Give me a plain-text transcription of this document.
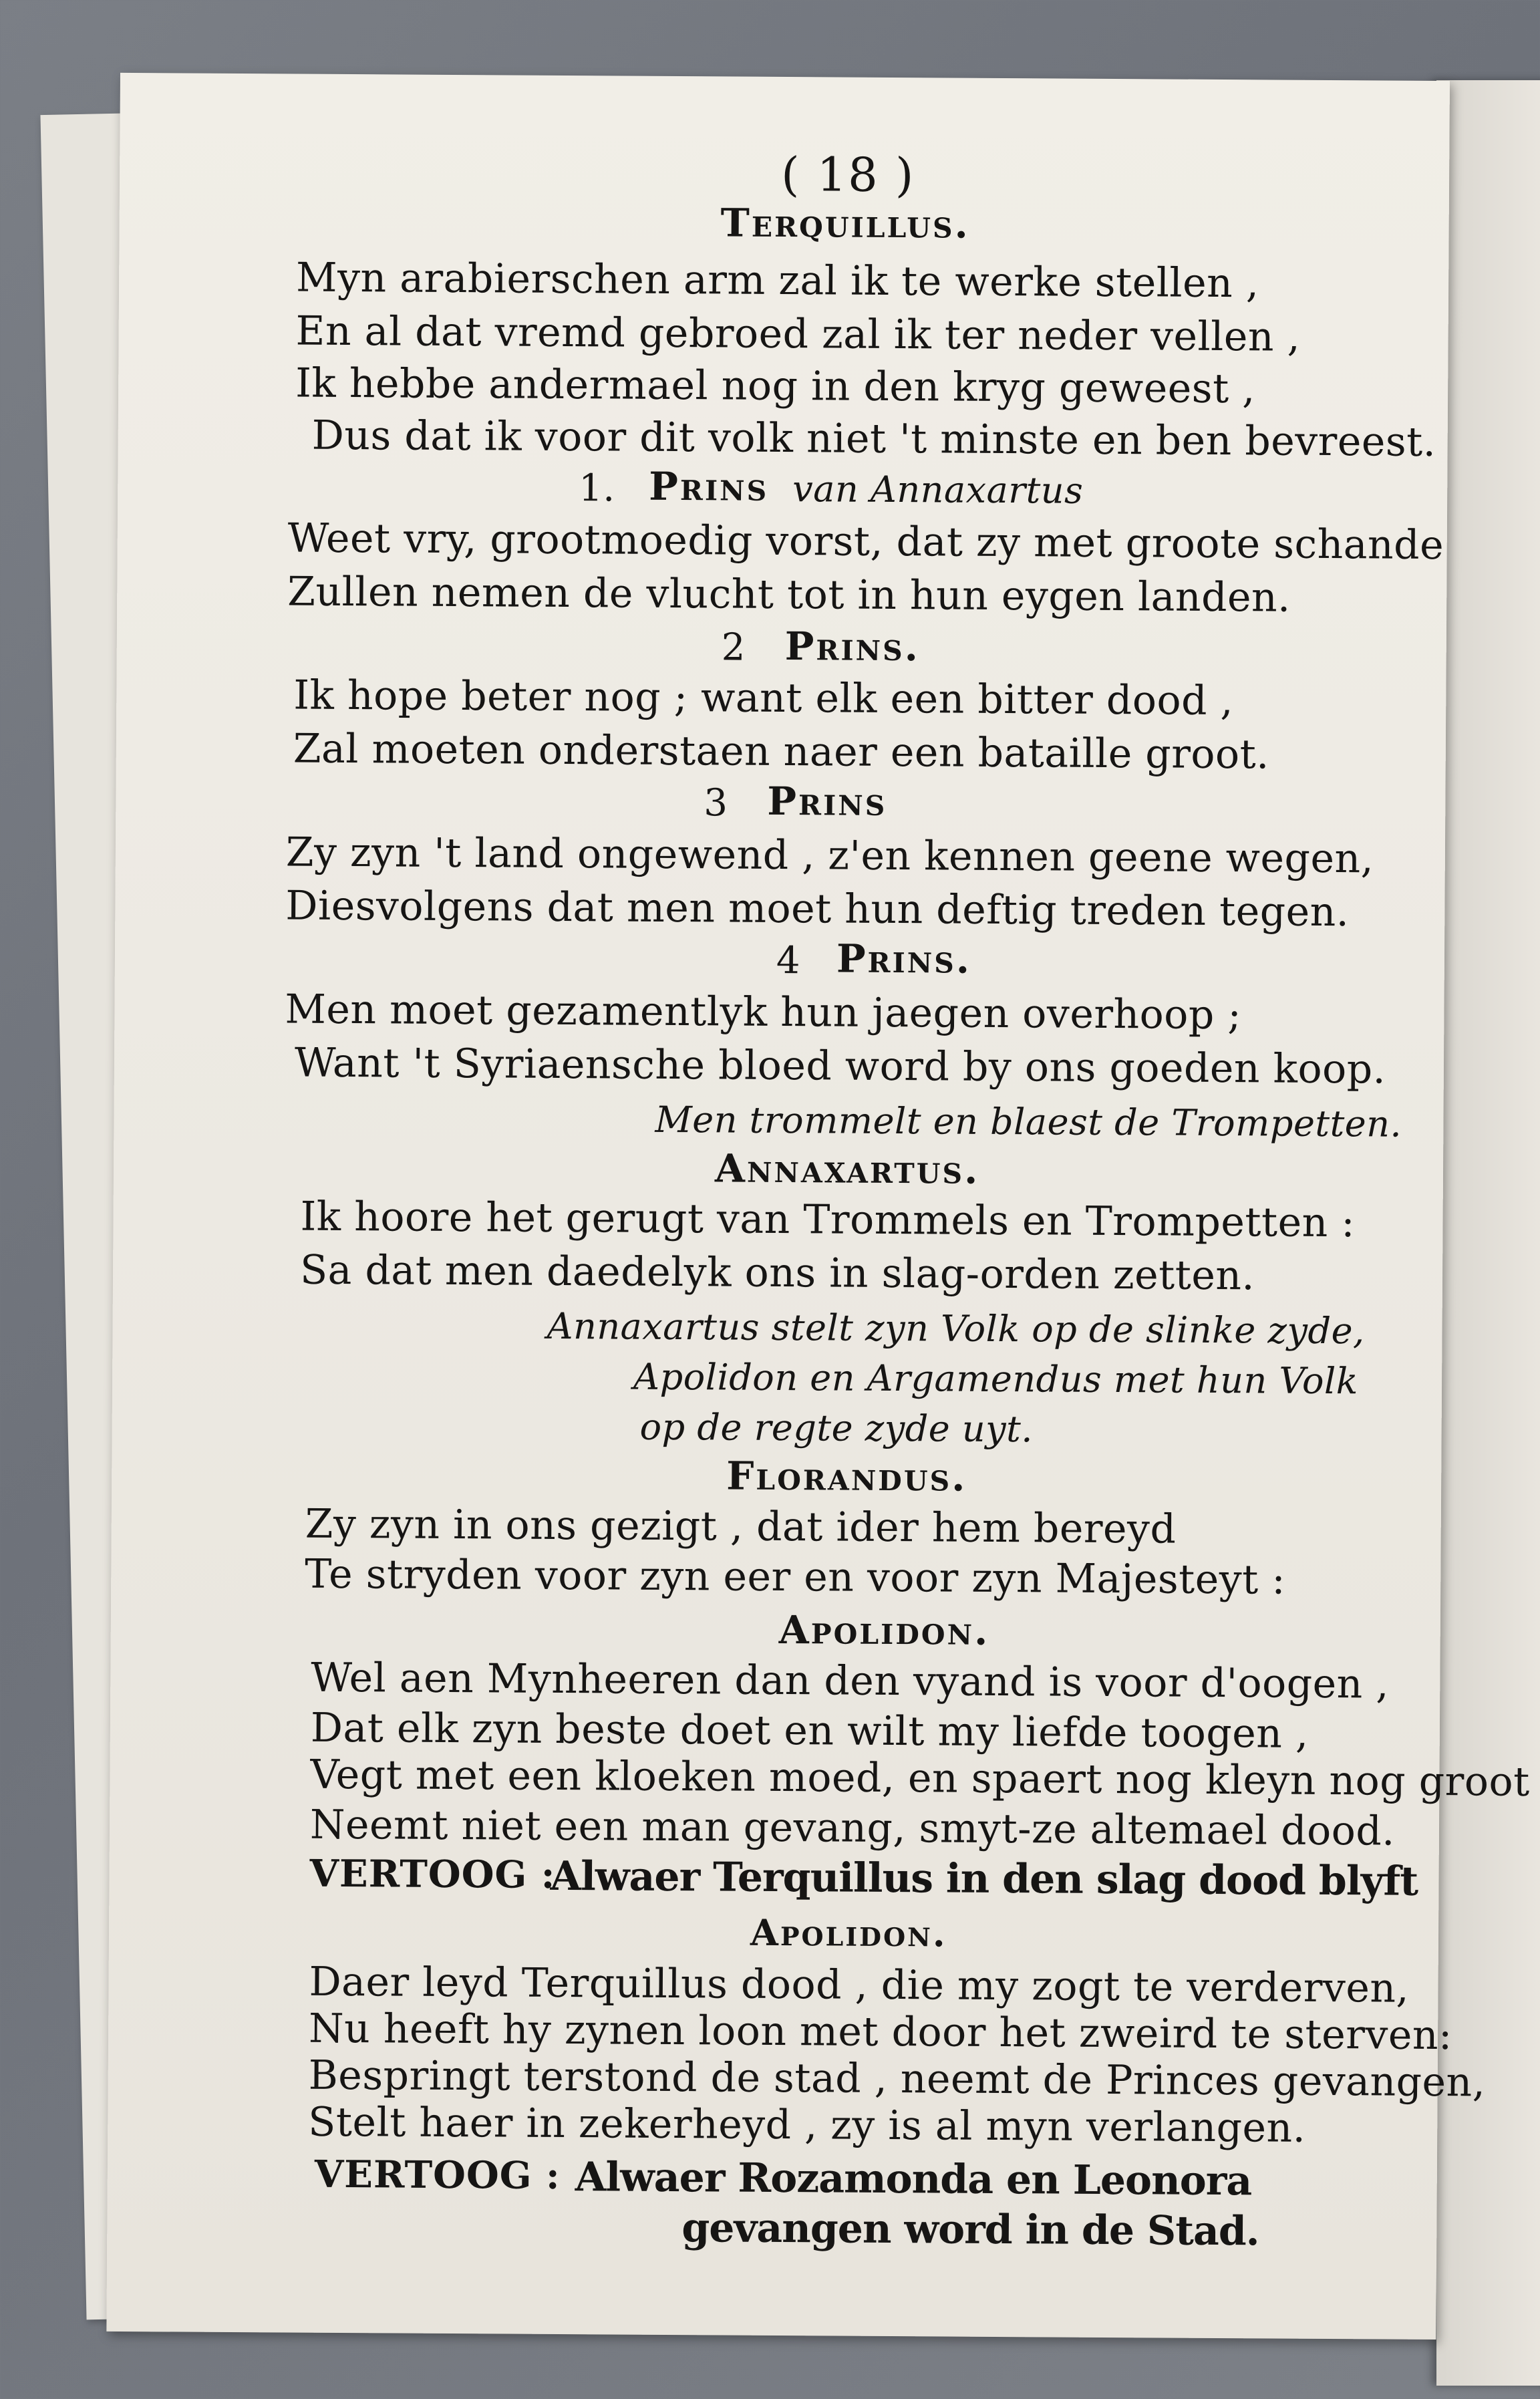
( 18 )
Terquillus.
Myn arabierschen arm zal ik te werke stellen ,
En al dat vremd gebroed zal ik ter neder vellen ,
Ik hebbe andermael nog in den kryg geweest ,
Dus dat ik voor dit volk niet 't minste en ben bevreest.
1. Prins van Annaxartus
Weet vry, grootmoedig vorst, dat zy met groote schande
Zullen nemen de vlucht tot in hun eygen landen.
2 Prins.
Ik hope beter nog ; want elk een bitter dood ,
Zal moeten onderstaen naer een bataille groot.
3 Prins
Zy zyn 't land ongewend , z'en kennen geene wegen,
Diesvolgens dat men moet hun deftig treden tegen.
4 Prins.
Men moet gezamentlyk hun jaegen overhoop ;
Want 't Syriaensche bloed word by ons goeden koop.
Men trommelt en blaest de Trompetten.
Annaxartus.
Ik hoore het gerugt van Trommels en Trompetten :
Sa dat men daedelyk ons in slag-orden zetten.
Annaxartus stelt zyn Volk op de slinke zyde,
Apolidon en Argamendus met hun Volk
op de regte zyde uyt.
Florandus.
Zy zyn in ons gezigt , dat ider hem bereyd
Te stryden voor zyn eer en voor zyn Majesteyt :
Apolidon.
Wel aen Mynheeren dan den vyand is voor d'oogen ,
Dat elk zyn beste doet en wilt my liefde toogen ,
Vegt met een kloeken moed, en spaert nog kleyn nog groot
Neemt niet een man gevang, smyt-ze altemael dood.
VERTOOG :
Alwaer Terquillus in den slag dood blyft
Apolidon.
Daer leyd Terquillus dood , die my zogt te verderven,
Nu heeft hy zynen loon met door het zweird te sterven:
Bespringt terstond de stad , neemt de Princes gevangen,
Stelt haer in zekerheyd , zy is al myn verlangen.
VERTOOG : Alwaer Rozamonda en Leonora
gevangen word in de Stad.
